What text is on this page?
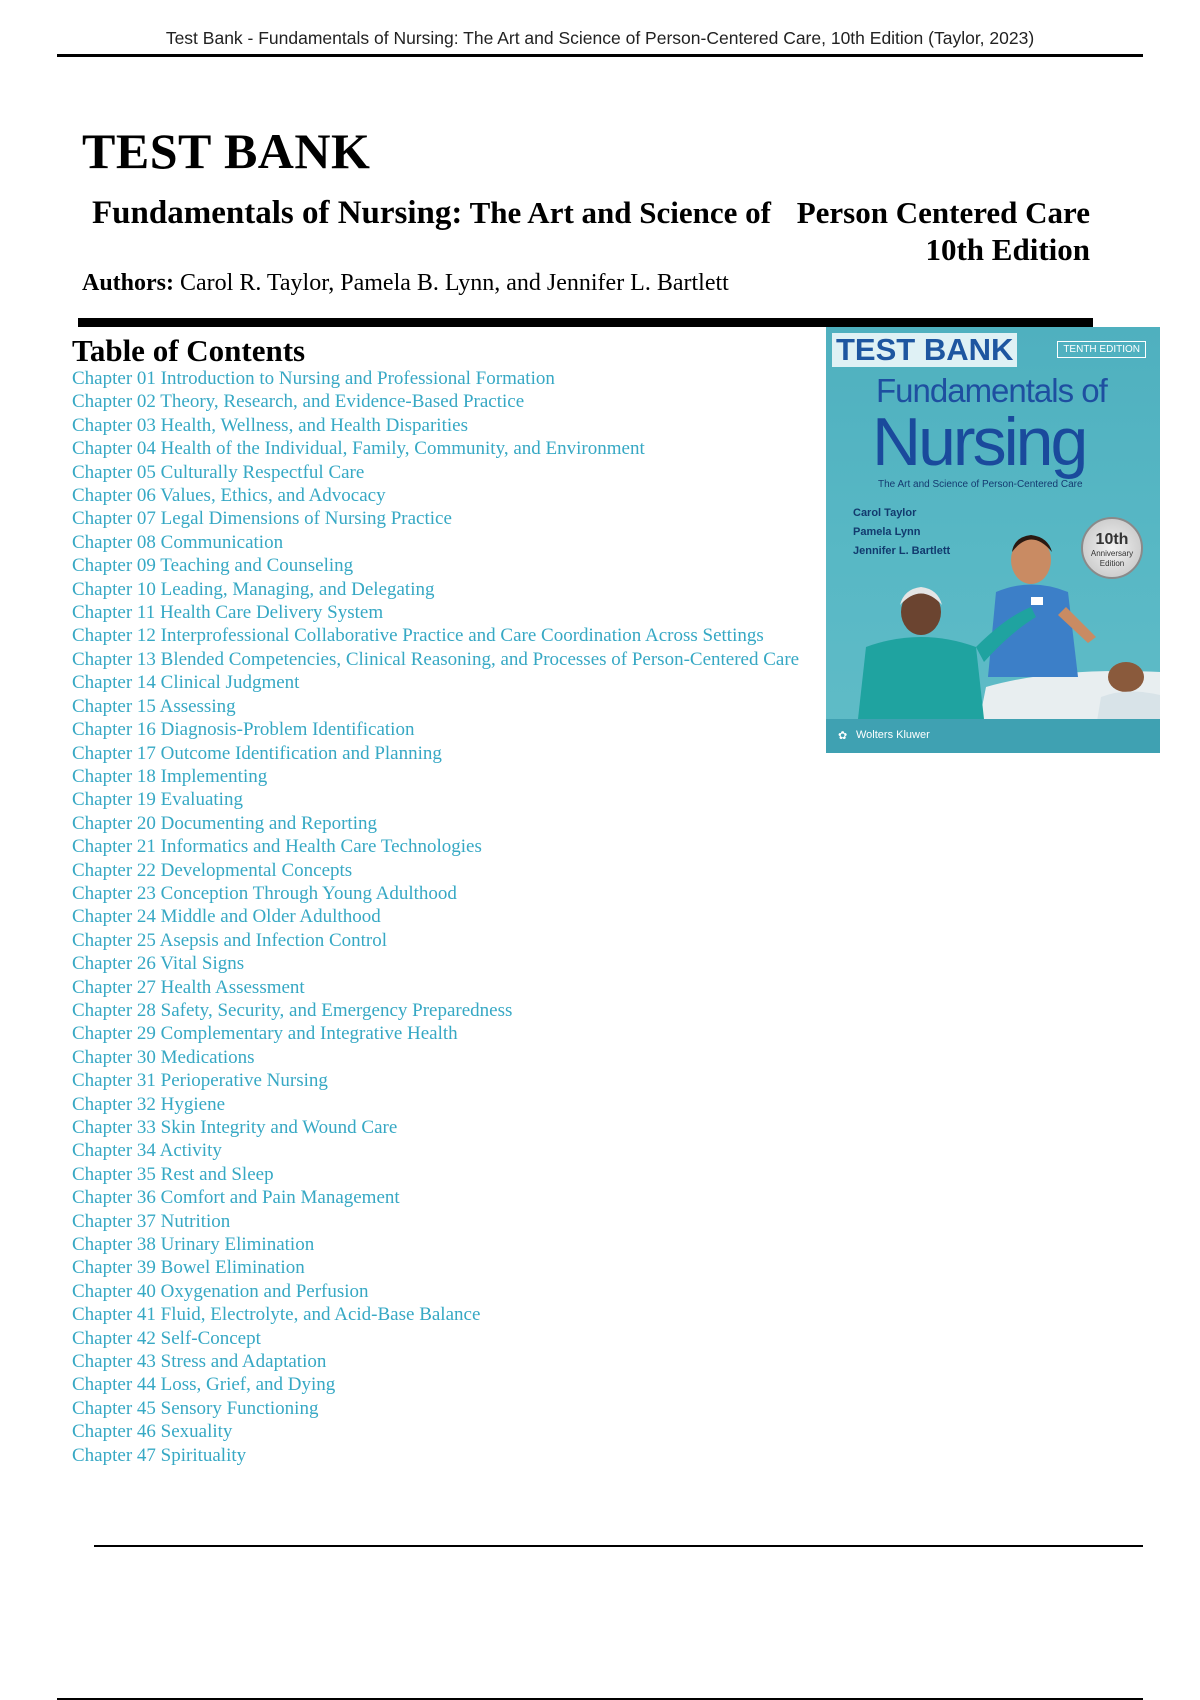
Test Bank - Fundamentals of Nursing: The Art and Science of Person-Centered Care, 10th Edition (Taylor, 2023)
TEST BANK
Fundamentals of Nursing: The Art and Science of Person Centered Care
10th Edition
Authors: Carol R. Taylor, Pamela B. Lynn, and Jennifer L. Bartlett
Table of Contents
Chapter 01 Introduction to Nursing and Professional Formation
Chapter 02 Theory, Research, and Evidence-Based Practice
Chapter 03 Health, Wellness, and Health Disparities
Chapter 04 Health of the Individual, Family, Community, and Environment
Chapter 05 Culturally Respectful Care
Chapter 06 Values, Ethics, and Advocacy
Chapter 07 Legal Dimensions of Nursing Practice
Chapter 08 Communication
Chapter 09 Teaching and Counseling
Chapter 10 Leading, Managing, and Delegating
Chapter 11 Health Care Delivery System
Chapter 12 Interprofessional Collaborative Practice and Care Coordination Across Settings
Chapter 13 Blended Competencies, Clinical Reasoning, and Processes of Person-Centered Care
Chapter 14 Clinical Judgment
Chapter 15 Assessing
Chapter 16 Diagnosis-Problem Identification
Chapter 17 Outcome Identification and Planning
Chapter 18 Implementing
Chapter 19 Evaluating
Chapter 20 Documenting and Reporting
Chapter 21 Informatics and Health Care Technologies
Chapter 22 Developmental Concepts
Chapter 23 Conception Through Young Adulthood
Chapter 24 Middle and Older Adulthood
Chapter 25 Asepsis and Infection Control
Chapter 26 Vital Signs
Chapter 27 Health Assessment
Chapter 28 Safety, Security, and Emergency Preparedness
Chapter 29 Complementary and Integrative Health
Chapter 30 Medications
Chapter 31 Perioperative Nursing
Chapter 32 Hygiene
Chapter 33 Skin Integrity and Wound Care
Chapter 34 Activity
Chapter 35 Rest and Sleep
Chapter 36 Comfort and Pain Management
Chapter 37 Nutrition
Chapter 38 Urinary Elimination
Chapter 39 Bowel Elimination
Chapter 40 Oxygenation and Perfusion
Chapter 41 Fluid, Electrolyte, and Acid-Base Balance
Chapter 42 Self-Concept
Chapter 43 Stress and Adaptation
Chapter 44 Loss, Grief, and Dying
Chapter 45 Sensory Functioning
Chapter 46 Sexuality
Chapter 47 Spirituality
TEST BANK	TENTH EDITION
Fundamentals of
Nursing
The Art and Science of Person-Centered Care
Carol Taylor
Pamela Lynn
Jennifer L. Bartlett
10th
Anniversary Edition
✿ Wolters Kluwer
